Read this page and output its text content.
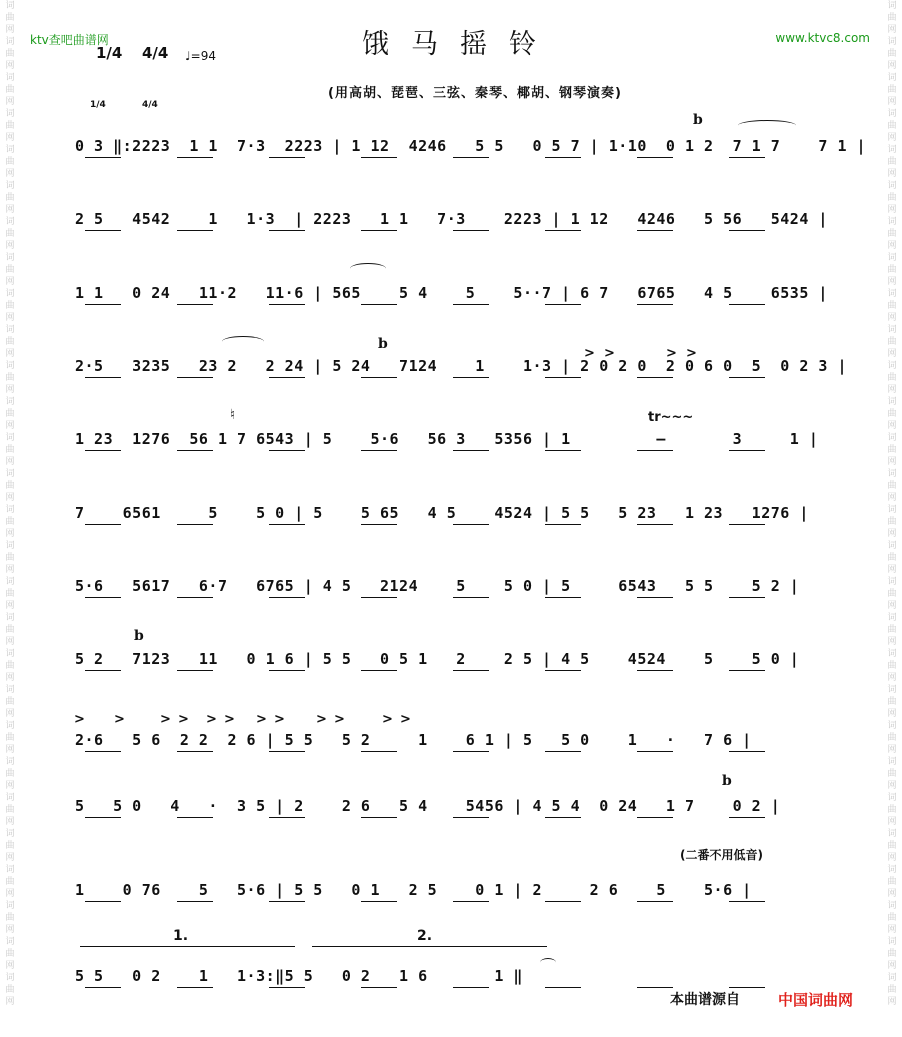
词曲网词曲网词曲网词曲网词曲网词曲网词曲网词曲网词曲网词曲网词曲网词曲网词曲网词曲网词曲网词曲网词曲网词曲网词曲网词曲网词曲网词曲网词曲网词曲网词曲网词曲网词曲网词曲网
词曲网词曲网词曲网词曲网词曲网词曲网词曲网词曲网词曲网词曲网词曲网词曲网词曲网词曲网词曲网词曲网词曲网词曲网词曲网词曲网词曲网词曲网词曲网词曲网词曲网词曲网词曲网词曲网
ktv查吧曲谱网	www.ktvc8.com
饿马摇铃
(用高胡、琵琶、三弦、秦琴、椰胡、钢琴演奏)
1/4 4/4 ♩=94
1/4	4/4
0 3 ‖:2223  1 1  7·3  2223 | 1 12  4246   5 5   0 5 7 | 1·10  0 1 2  7 1 7    7 1 |
2 5   4542    1   1·3  | 2223   1 1   7·3    2223 | 1 12   4246   5 56   5424 |
1 1   0 24   11·2   11·6 | 565    5 4    5    5··7 | 6 7   6765   4 5    6535 |
2·5   3235   23 2   2 24 | 5 24   7124    1    1·3 | 2 0 2 0  2 0 6 0  5  0 2 3 |
1 23  1276  56 1 7 6543 | 5    5·6   56 3   5356 | 1         —       3     1 |
7    6561     5    5 0 | 5    5 65   4 5    4524 | 5 5   5 23   1 23   1276 |
5·6   5617   6·7   6765 | 4 5   2124    5    5 0 | 5     6543   5 5    5 2 |
5 2   7123   11   0 1 6 | 5 5   0 5 1   2    2 5 | 4 5    4524    5    5 0 |
2·6   5 6  2 2  2 6 | 5 5   5 2     1    6 1 | 5   5 0    1   ·   7 6 |
5   5 0   4   ·  3 5 | 2    2 6   5 4    5456 | 4 5 4  0 24   1 7    0 2 |
1    0 76    5   5·6 | 5 5   0 1   2 5    0 1 | 2     2 6    5    5·6 |
5 5   0 2    1   1·3:‖5 5   0 2   1 6       1 ‖
b
b
♮	tr~~~
b
b
> >	> >
> >	> > > > > > > >	> >
(二番不用低音)
1.	2.
本曲谱源自	中国词曲网
